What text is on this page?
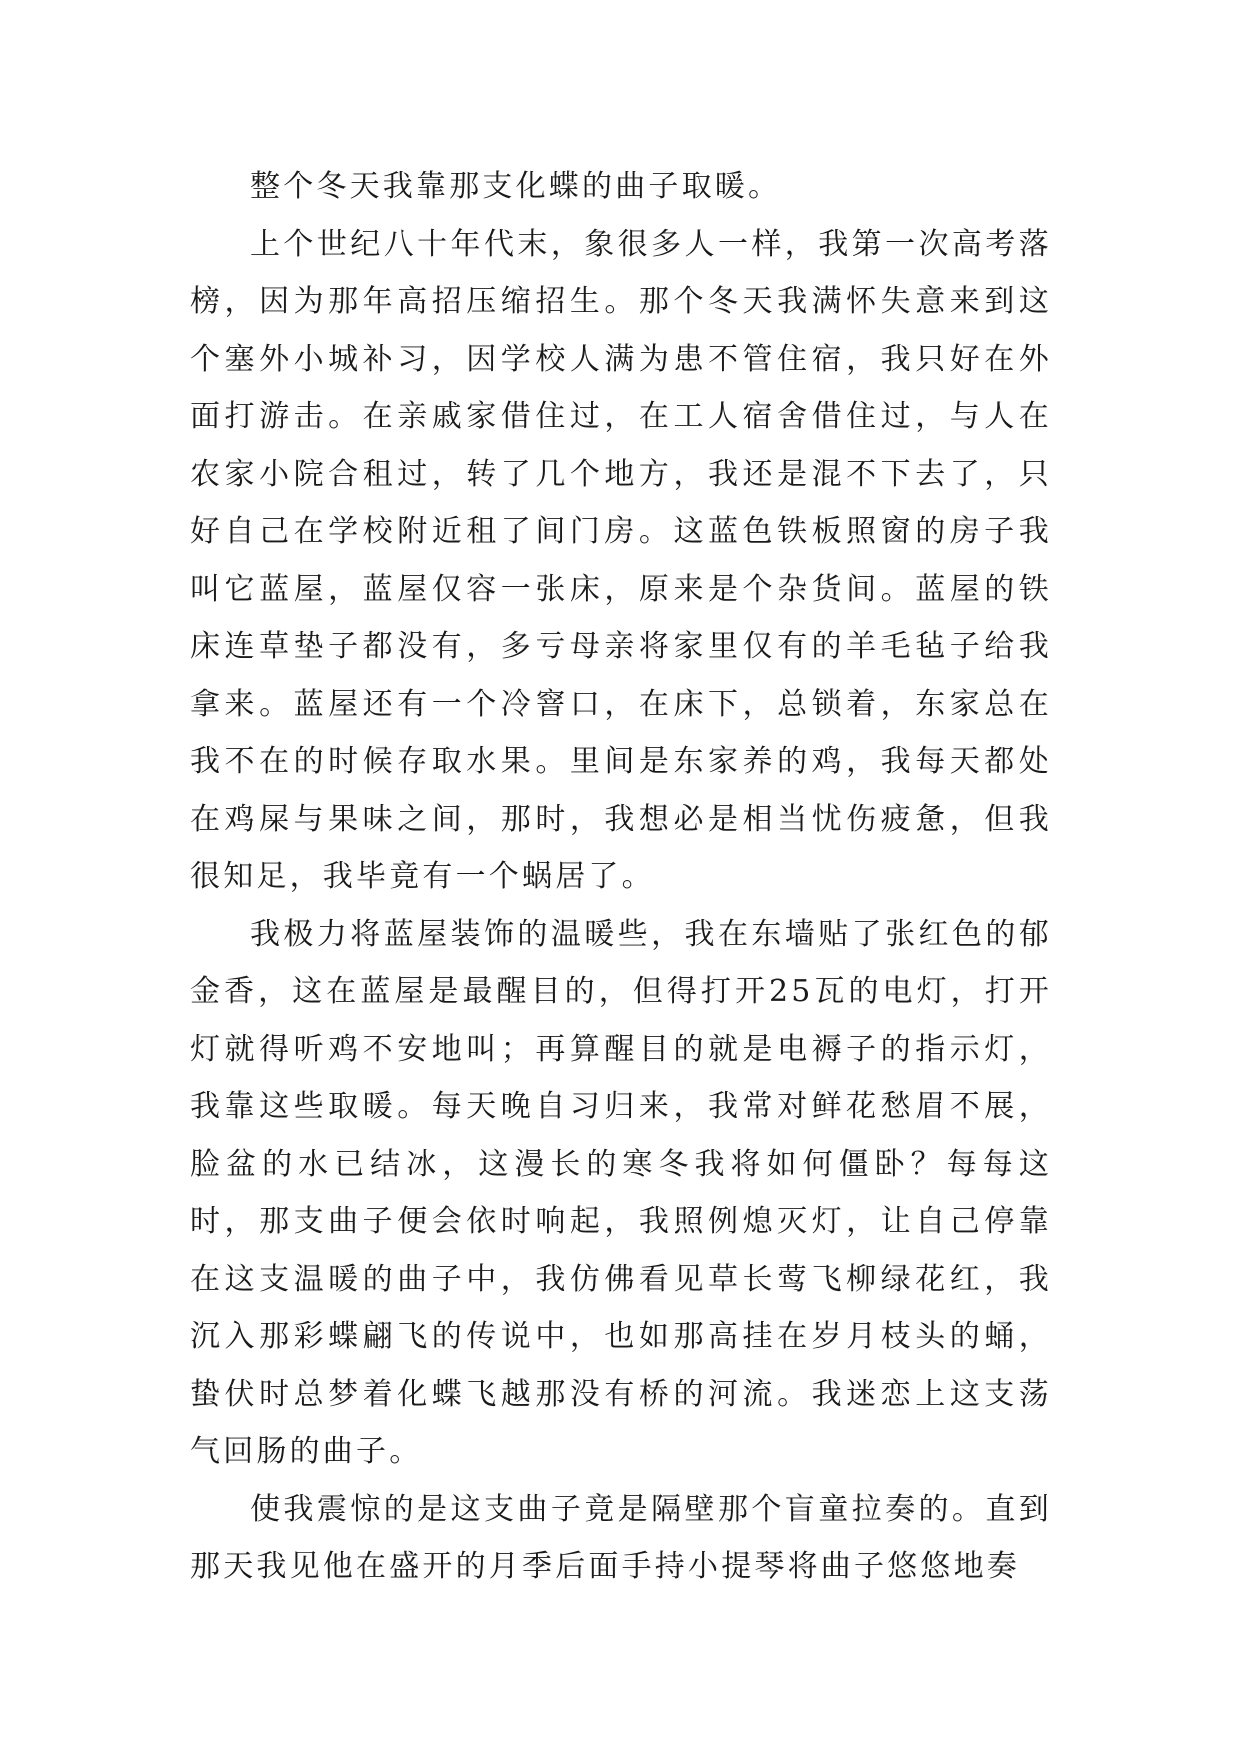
整个冬天我靠那支化蝶的曲子取暖。

上个世纪八十年代末，象很多人一样，我第一次高考落榜，因为那年高招压缩招生。那个冬天我满怀失意来到这个塞外小城补习，因学校人满为患不管住宿，我只好在外面打游击。在亲戚家借住过，在工人宿舍借住过，与人在农家小院合租过，转了几个地方，我还是混不下去了，只好自己在学校附近租了间门房。这蓝色铁板照窗的房子我叫它蓝屋，蓝屋仅容一张床，原来是个杂货间。蓝屋的铁床连草垫子都没有，多亏母亲将家里仅有的羊毛毡子给我拿来。蓝屋还有一个冷窨口，在床下，总锁着，东家总在我不在的时候存取水果。里间是东家养的鸡，我每天都处在鸡屎与果味之间，那时，我想必是相当忧伤疲惫，但我很知足，我毕竟有一个蜗居了。

我极力将蓝屋装饰的温暖些，我在东墙贴了张红色的郁金香，这在蓝屋是最醒目的，但得打开25瓦的电灯，打开灯就得听鸡不安地叫；再算醒目的就是电褥子的指示灯，我靠这些取暖。每天晚自习归来，我常对鲜花愁眉不展，脸盆的水已结冰，这漫长的寒冬我将如何僵卧？每每这时，那支曲子便会依时响起，我照例熄灭灯，让自己停靠在这支温暖的曲子中，我仿佛看见草长莺飞柳绿花红，我沉入那彩蝶翩飞的传说中，也如那高挂在岁月枝头的蛹，蛰伏时总梦着化蝶飞越那没有桥的河流。我迷恋上这支荡气回肠的曲子。

使我震惊的是这支曲子竟是隔壁那个盲童拉奏的。直到那天我见他在盛开的月季后面手持小提琴将曲子悠悠地奏
